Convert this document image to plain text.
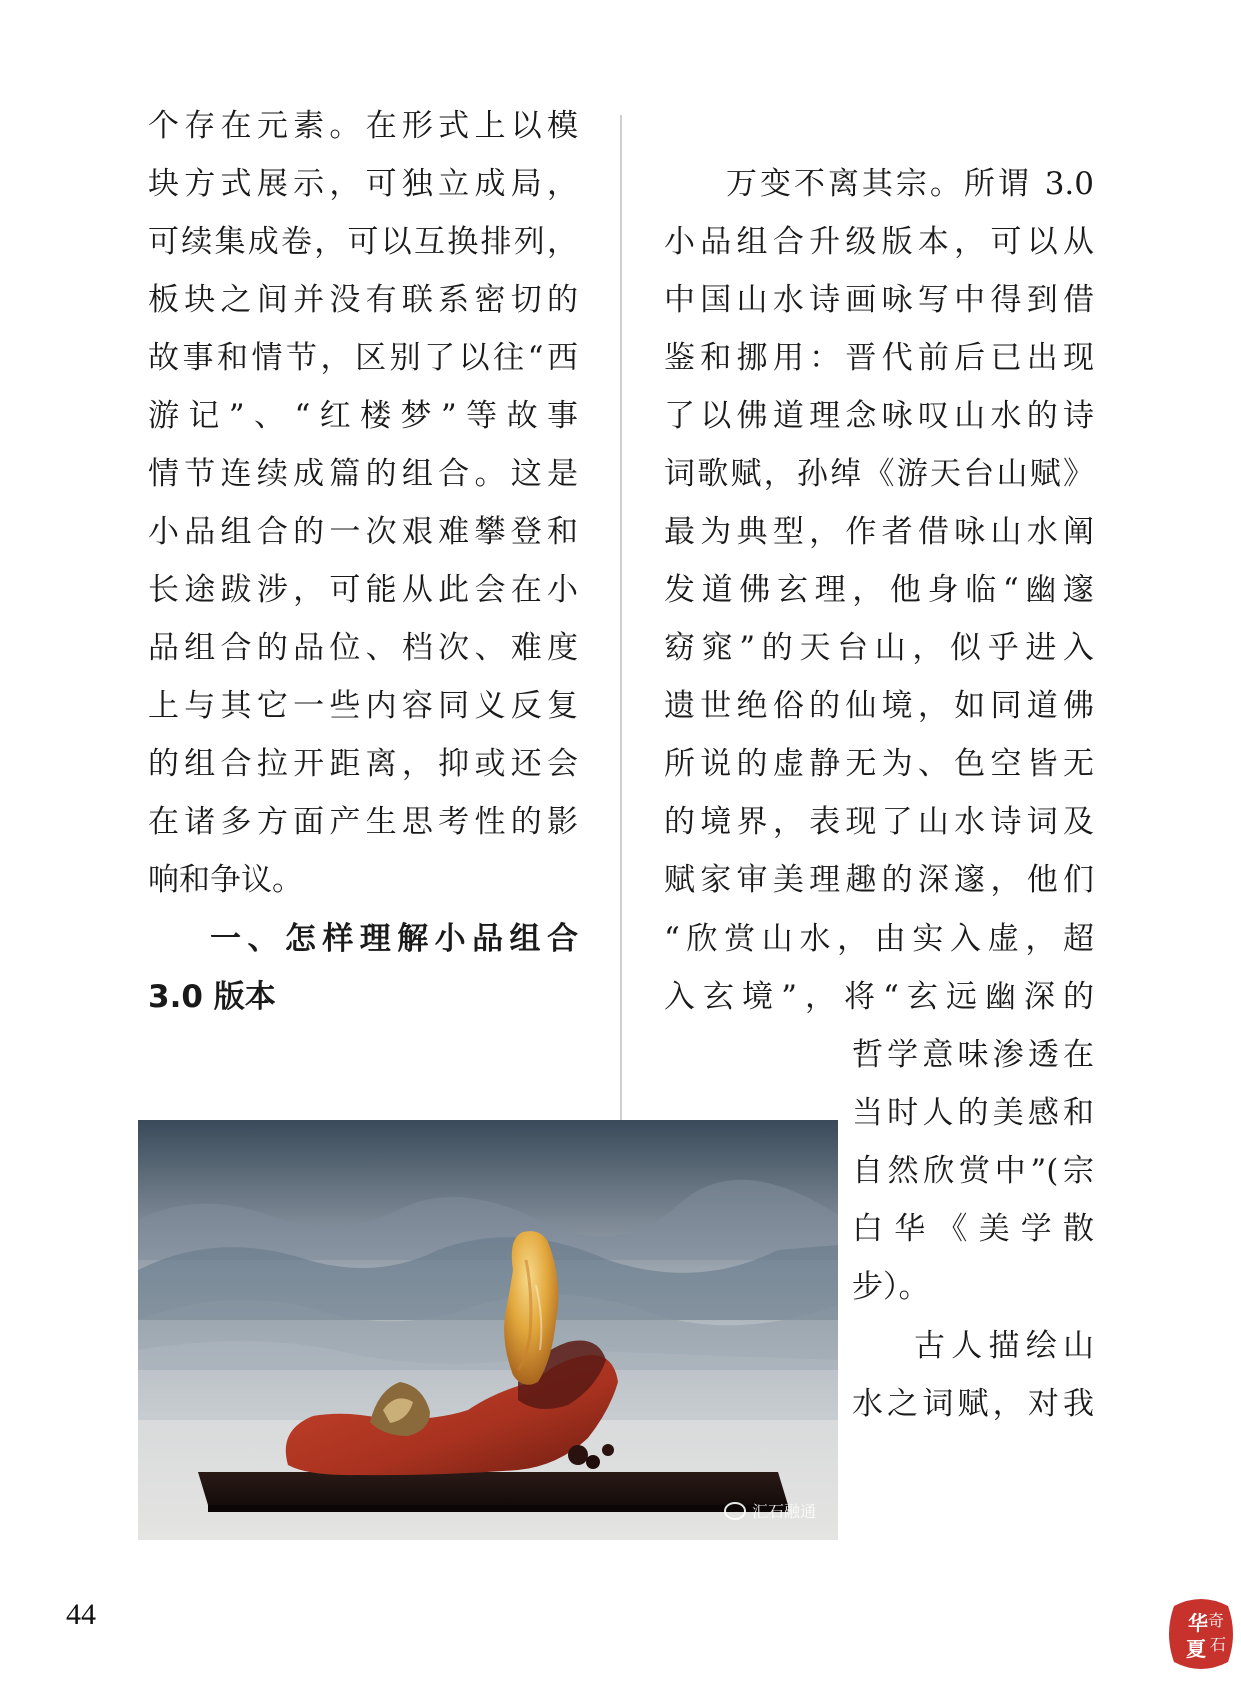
个存在元素。在形式上以模
块方式展示，可独立成局，
可续集成卷，可以互换排列，
板块之间并没有联系密切的
故事和情节，区别了以往“西
游记”、“红楼梦”等故事
情节连续成篇的组合。这是
小品组合的一次艰难攀登和
长途跋涉，可能从此会在小
品组合的品位、档次、难度
上与其它一些内容同义反复
的组合拉开距离，抑或还会
在诸多方面产生思考性的影
响和争议。
一、怎样理解小品组合
3.0 版本
万变不离其宗。所谓 3.0
小品组合升级版本，可以从
中国山水诗画咏写中得到借
鉴和挪用：晋代前后已出现
了以佛道理念咏叹山水的诗
词歌赋，孙绰《游天台山赋》
最为典型，作者借咏山水阐
发道佛玄理，他身临“幽邃
窈窕”的天台山，似乎进入
遗世绝俗的仙境，如同道佛
所说的虚静无为、色空皆无
的境界，表现了山水诗词及
赋家审美理趣的深邃，他们
“欣赏山水，由实入虚，超
入玄境”，将“玄远幽深的
哲学意味渗透在
当时人的美感和
自然欣赏中”(宗
白华《美学散
步）。
古人描绘山
水之词赋，对我
汇石融通
44	华 奇
石
夏
